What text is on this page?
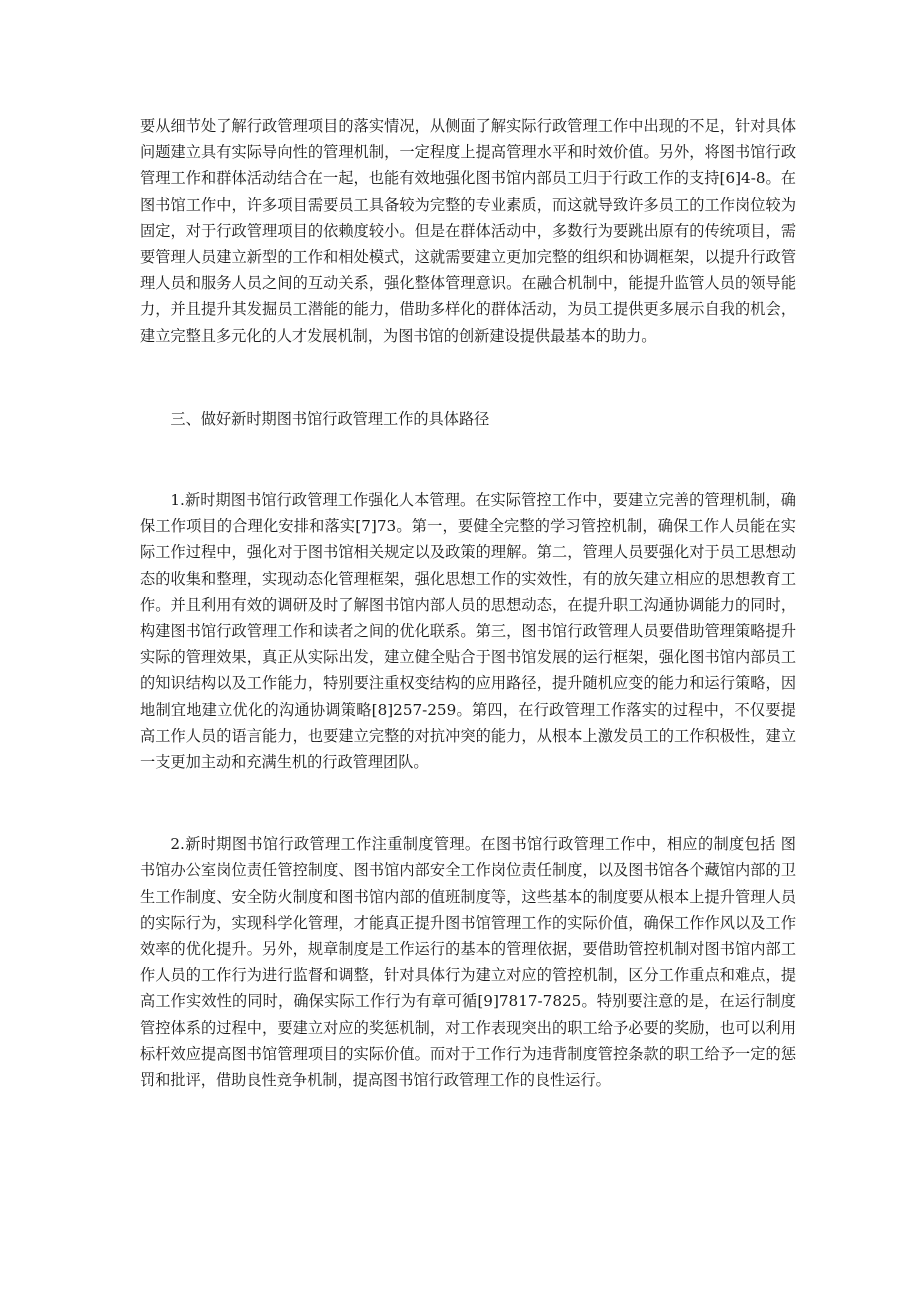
要从细节处了解行政管理项目的落实情况，从侧面了解实际行政管理工作中出现的不足，针对具体问题建立具有实际导向性的管理机制，一定程度上提高管理水平和时效价值。另外，将图书馆行政管理工作和群体活动结合在一起，也能有效地强化图书馆内部员工归于行政工作的支持[6]4-8。在图书馆工作中，许多项目需要员工具备较为完整的专业素质，而这就导致许多员工的工作岗位较为固定，对于行政管理项目的依赖度较小。但是在群体活动中，多数行为要跳出原有的传统项目，需要管理人员建立新型的工作和相处模式，这就需要建立更加完整的组织和协调框架，以提升行政管理人员和服务人员之间的互动关系，强化整体管理意识。在融合机制中，能提升监管人员的领导能力，并且提升其发掘员工潜能的能力，借助多样化的群体活动，为员工提供更多展示自我的机会，建立完整且多元化的人才发展机制，为图书馆的创新建设提供最基本的助力。

三、做好新时期图书馆行政管理工作的具体路径

1.新时期图书馆行政管理工作强化人本管理。在实际管控工作中，要建立完善的管理机制，确保工作项目的合理化安排和落实[7]73。第一，要健全完整的学习管控机制，确保工作人员能在实际工作过程中，强化对于图书馆相关规定以及政策的理解。第二，管理人员要强化对于员工思想动态的收集和整理，实现动态化管理框架，强化思想工作的实效性，有的放矢建立相应的思想教育工作。并且利用有效的调研及时了解图书馆内部人员的思想动态，在提升职工沟通协调能力的同时，构建图书馆行政管理工作和读者之间的优化联系。第三，图书馆行政管理人员要借助管理策略提升实际的管理效果，真正从实际出发，建立健全贴合于图书馆发展的运行框架，强化图书馆内部员工的知识结构以及工作能力，特别要注重权变结构的应用路径，提升随机应变的能力和运行策略，因地制宜地建立优化的沟通协调策略[8]257-259。第四，在行政管理工作落实的过程中，不仅要提高工作人员的语言能力，也要建立完整的对抗冲突的能力，从根本上激发员工的工作积极性，建立一支更加主动和充满生机的行政管理团队。

2.新时期图书馆行政管理工作注重制度管理。在图书馆行政管理工作中，相应的制度包括 图书馆办公室岗位责任管控制度、图书馆内部安全工作岗位责任制度，以及图书馆各个藏馆内部的卫生工作制度、安全防火制度和图书馆内部的值班制度等，这些基本的制度要从根本上提升管理人员的实际行为，实现科学化管理，才能真正提升图书馆管理工作的实际价值，确保工作作风以及工作效率的优化提升。另外，规章制度是工作运行的基本的管理依据，要借助管控机制对图书馆内部工作人员的工作行为进行监督和调整，针对具体行为建立对应的管控机制，区分工作重点和难点，提高工作实效性的同时，确保实际工作行为有章可循[9]7817-7825。特别要注意的是，在运行制度管控体系的过程中，要建立对应的奖惩机制，对工作表现突出的职工给予必要的奖励，也可以利用标杆效应提高图书馆管理项目的实际价值。而对于工作行为违背制度管控条款的职工给予一定的惩罚和批评，借助良性竞争机制，提高图书馆行政管理工作的良性运行。
